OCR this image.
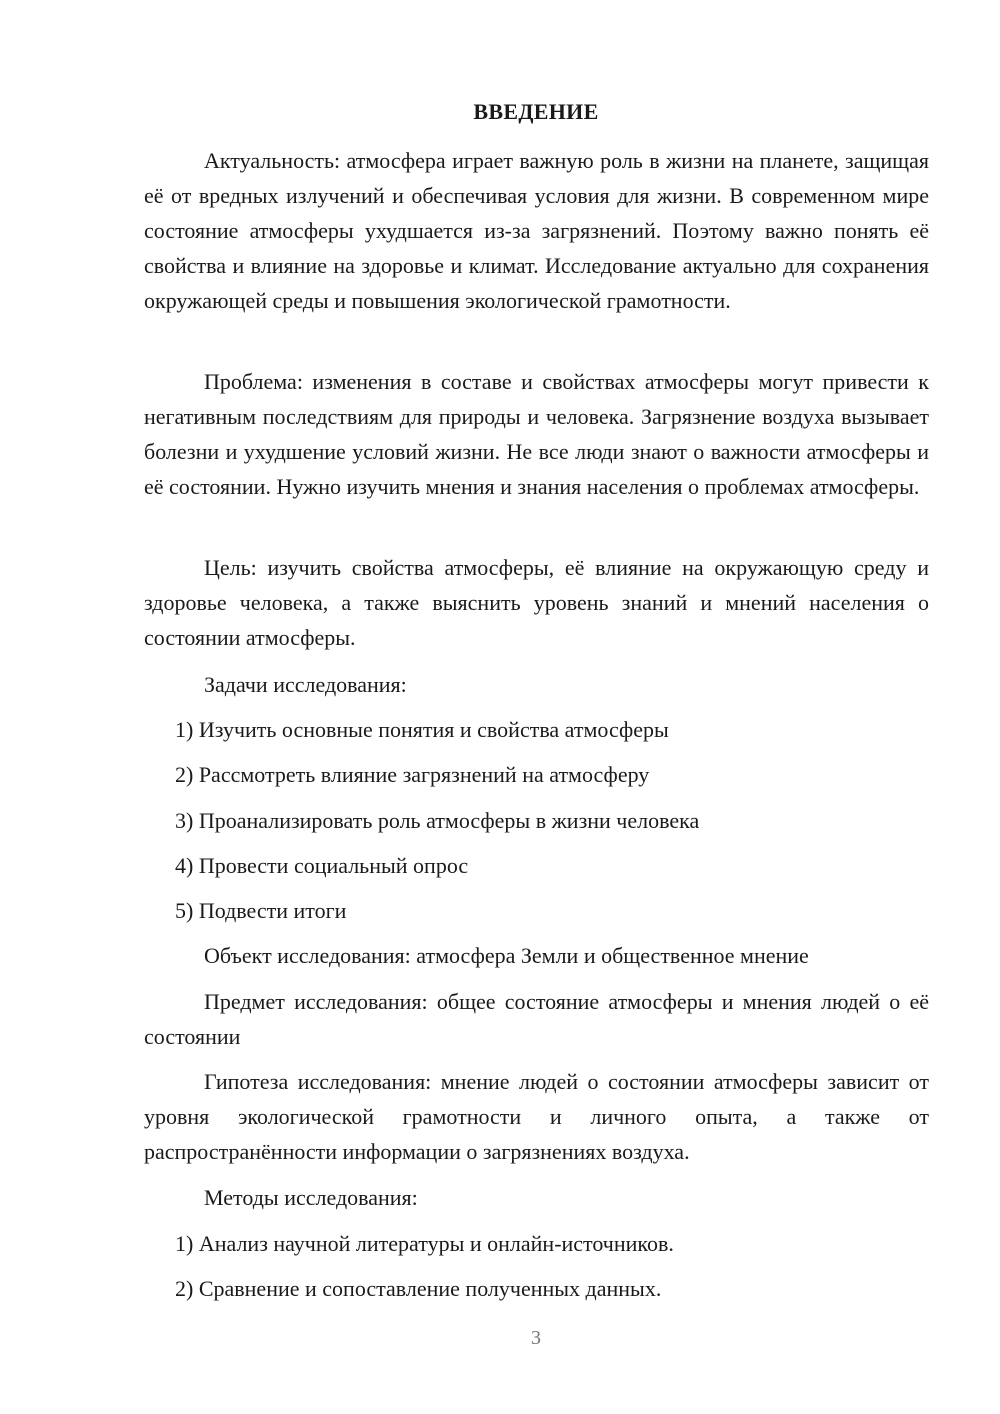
ВВЕДЕНИЕ

Актуальность: атмосфера играет важную роль в жизни на планете, защищая её от вредных излучений и обеспечивая условия для жизни. В современном мире состояние атмосферы ухудшается из-за загрязнений. Поэтому важно понять её свойства и влияние на здоровье и климат. Исследование актуально для сохранения окружающей среды и повышения экологической грамотности.

Проблема: изменения в составе и свойствах атмосферы могут привести к негативным последствиям для природы и человека. Загрязнение воздуха вызывает болезни и ухудшение условий жизни. Не все люди знают о важности атмосферы и её состоянии. Нужно изучить мнения и знания населения о проблемах атмосферы.

Цель: изучить свойства атмосферы, её влияние на окружающую среду и здоровье человека, а также выяснить уровень знаний и мнений населения о состоянии атмосферы.

Задачи исследования:

1) Изучить основные понятия и свойства атмосферы

2) Рассмотреть влияние загрязнений на атмосферу

3) Проанализировать роль атмосферы в жизни человека

4) Провести социальный опрос

5) Подвести итоги

Объект исследования: атмосфера Земли и общественное мнение

Предмет исследования: общее состояние атмосферы и мнения людей о её состоянии

Гипотеза исследования: мнение людей о состоянии атмосферы зависит от уровня экологической грамотности и личного опыта, а также от распространённости информации о загрязнениях воздуха.

Методы исследования:

1) Анализ научной литературы и онлайн-источников.

2) Сравнение и сопоставление полученных данных.

3
